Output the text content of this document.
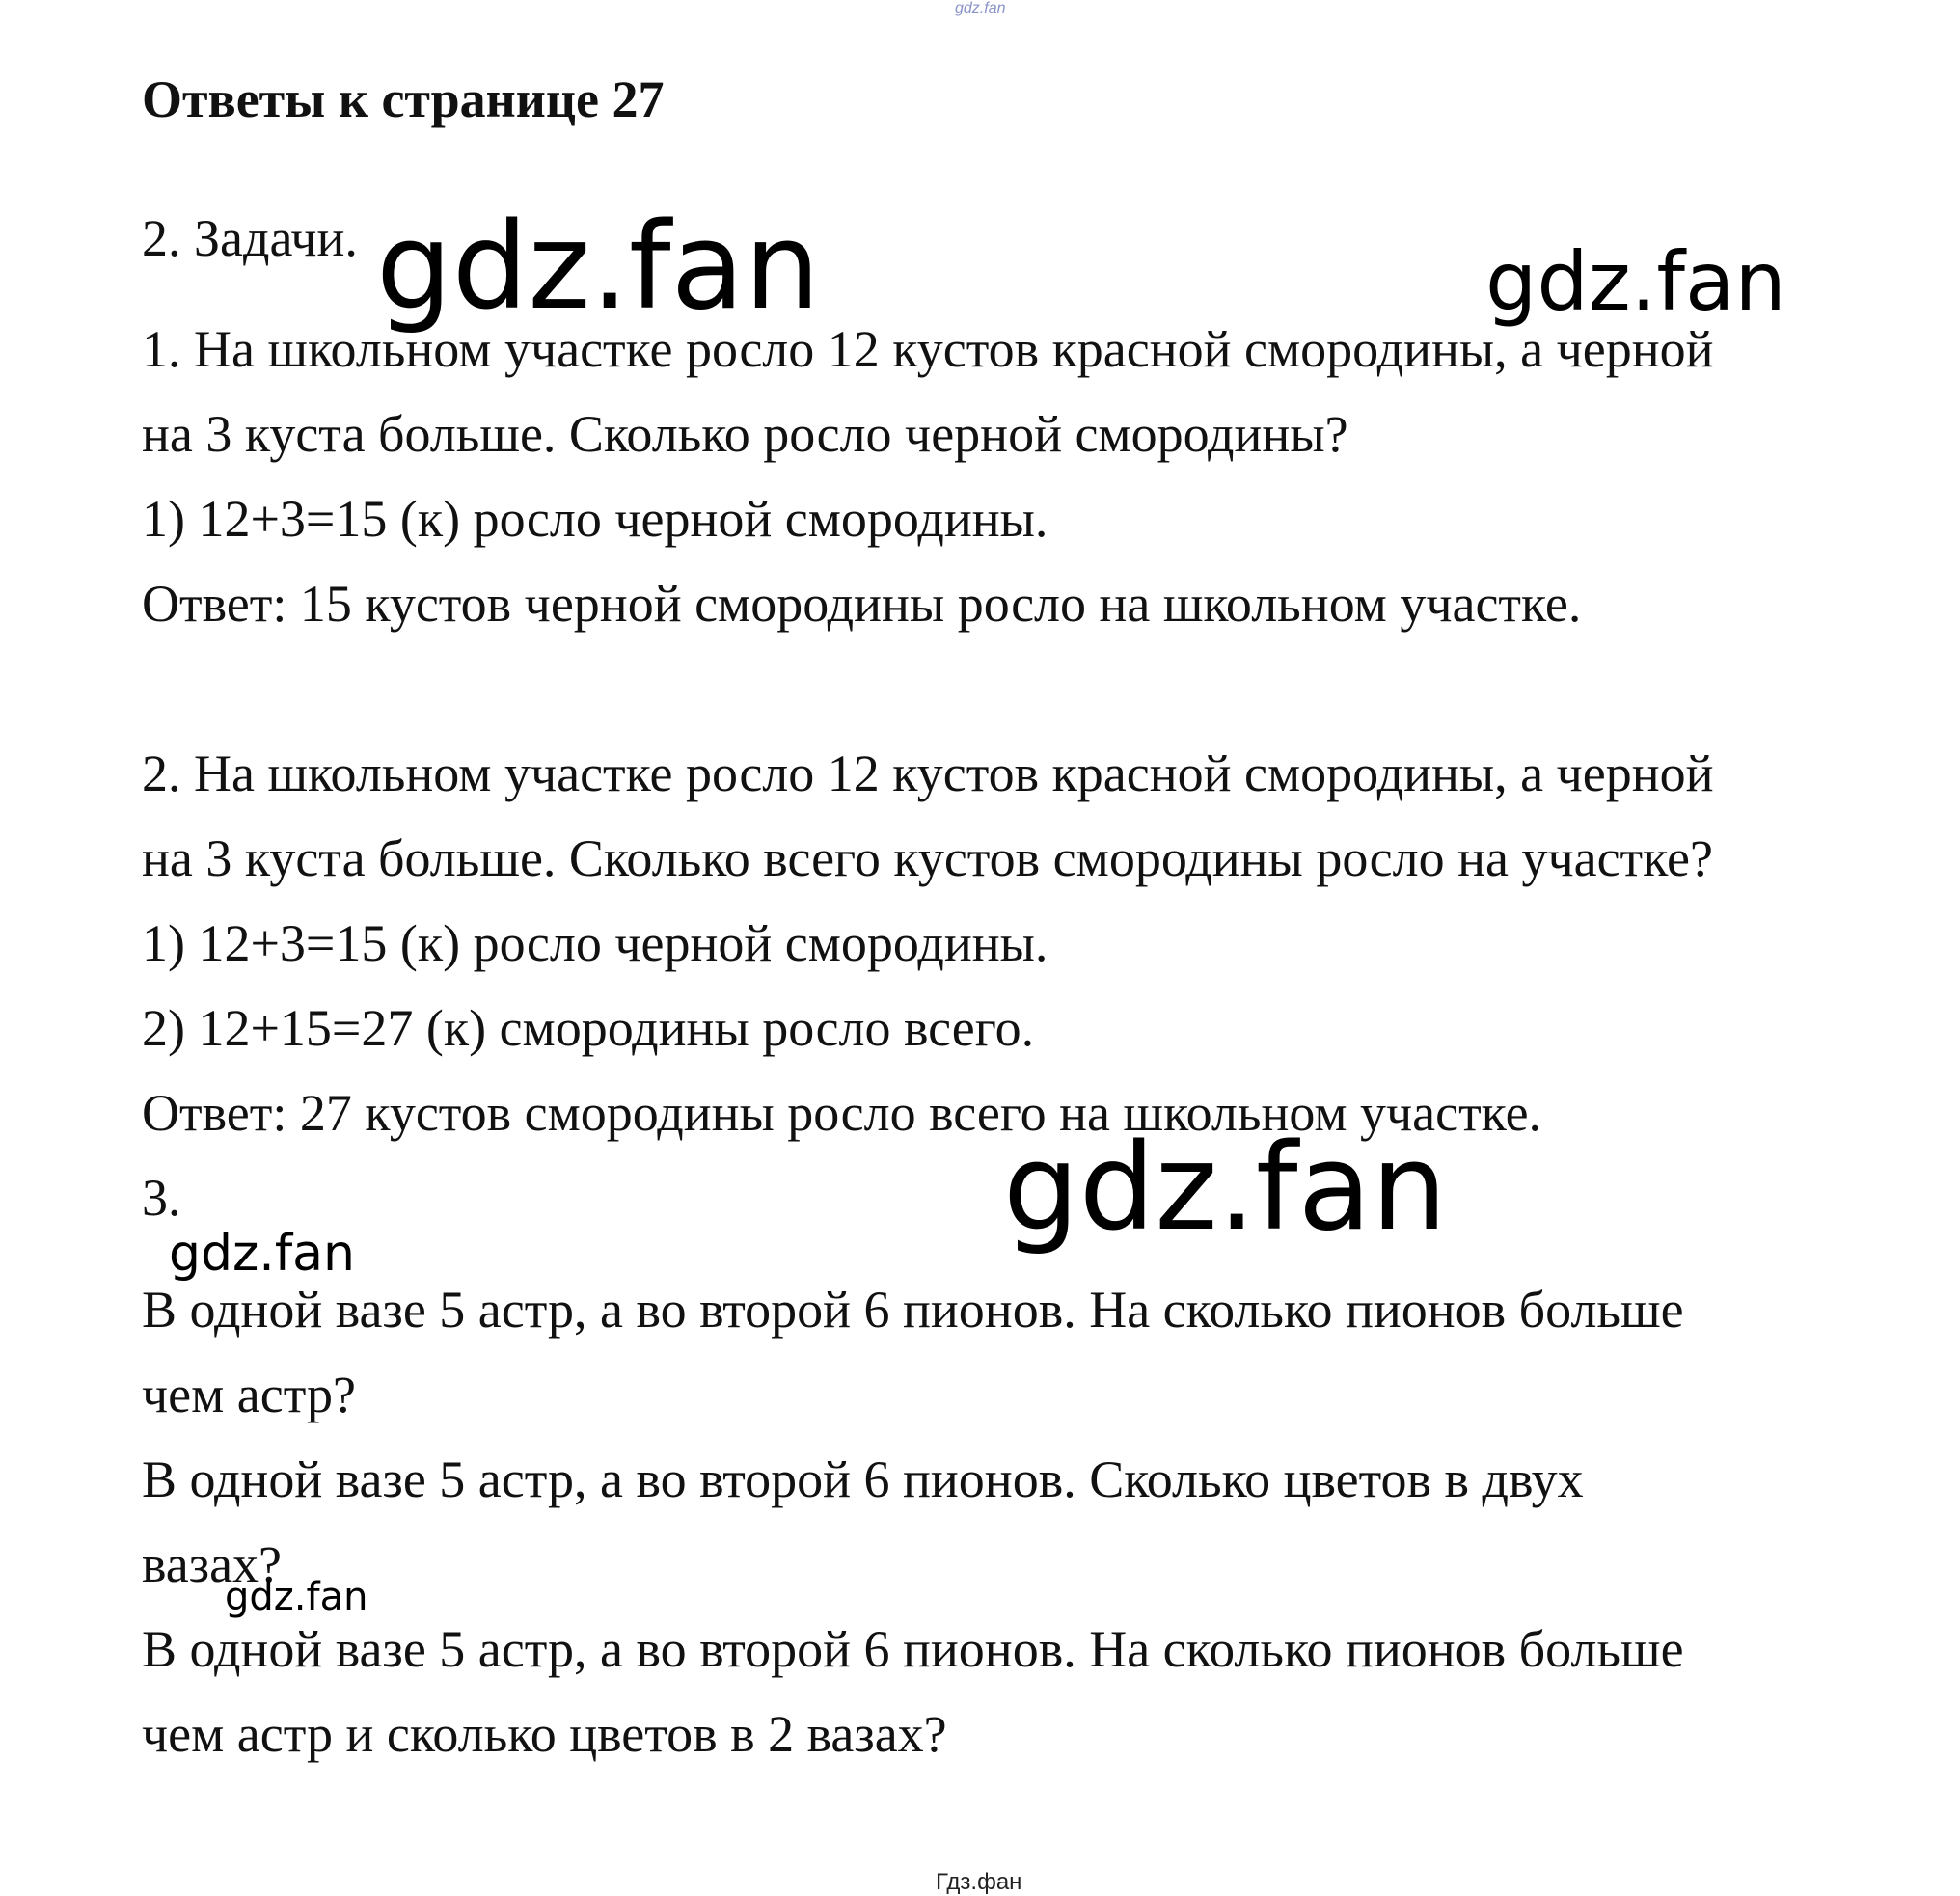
gdz.fan
Ответы к странице 27
2. Задачи.
1. На школьном участке росло 12 кустов красной смородины, а черной
на 3 куста больше. Сколько росло черной смородины?
1) 12+3=15 (к) росло черной смородины.
Ответ: 15 кустов черной смородины росло на школьном участке.
2. На школьном участке росло 12 кустов красной смородины, а черной
на 3 куста больше. Сколько всего кустов смородины росло на участке?
1) 12+3=15 (к) росло черной смородины.
2) 12+15=27 (к) смородины росло всего.
Ответ: 27 кустов смородины росло всего на школьном участке.
3.
В одной вазе 5 астр, а во второй 6 пионов. На сколько пионов больше
чем астр?
В одной вазе 5 астр, а во второй 6 пионов. Сколько цветов в двух
вазах?
В одной вазе 5 астр, а во второй 6 пионов. На сколько пионов больше
чем астр и сколько цветов в 2 вазах?
gdz.fan	gdz.fan
gdz.fan
gdz.fan
gdz.fan
Гдз.фан
